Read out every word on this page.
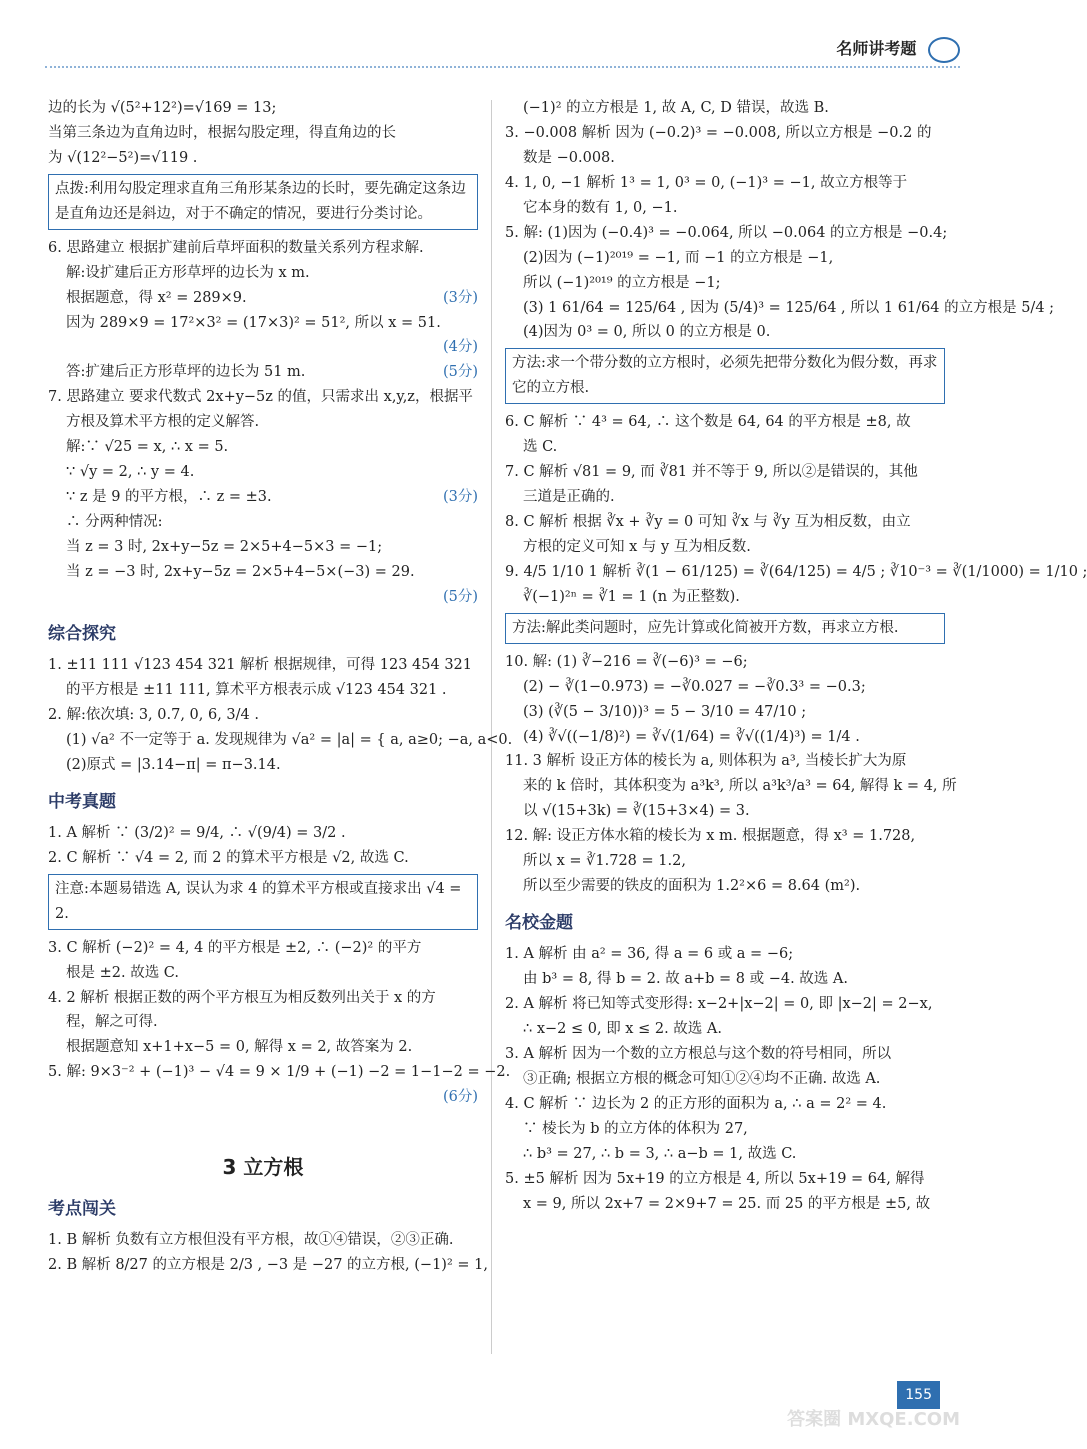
名师讲考题
边的长为 √(5²+12²)=√169 = 13;
当第三条边为直角边时，根据勾股定理，得直角边的长
为 √(12²−5²)=√119 .
点拨:利用勾股定理求直角三角形某条边的长时，要先确定这条边是直角边还是斜边，对于不确定的情况，要进行分类讨论。
6. 思路建立 根据扩建前后草坪面积的数量关系列方程求解.
解:设扩建后正方形草坪的边长为 x m.
根据题意，得 x² = 289×9.	(3分)
因为 289×9 = 17²×3² = (17×3)² = 51², 所以 x = 51.
(4分)

答:扩建后正方形草坪的边长为 51 m.	(5分)
7. 思路建立 要求代数式 2x+y−5z 的值，只需求出 x,y,z，根据平
方根及算术平方根的定义解答.
解:∵ √25 = x, ∴ x = 5.
∵ √y = 2, ∴ y = 4.
∵ z 是 9 的平方根，∴ z = ±3.	(3分)
∴ 分两种情况:
当 z = 3 时, 2x+y−5z = 2×5+4−5×3 = −1;
当 z = −3 时, 2x+y−5z = 2×5+4−5×(−3) = 29.
(5分)

综合探究
1. ±11 111 √123 454 321 解析 根据规律，可得 123 454 321
的平方根是 ±11 111, 算术平方根表示成 √123 454 321 .
2. 解:依次填: 3, 0.7, 0, 6, 3/4 .
(1) √a² 不一定等于 a. 发现规律为 √a² = |a| = { a, a≥0; −a, a<0.
(2)原式 = |3.14−π| = π−3.14.
中考真题
1. A 解析 ∵ (3/2)² = 9/4, ∴ √(9/4) = 3/2 .
2. C 解析 ∵ √4 = 2, 而 2 的算术平方根是 √2, 故选 C.
注意:本题易错选 A, 误认为求 4 的算术平方根或直接求出 √4 = 2.
3. C 解析 (−2)² = 4, 4 的平方根是 ±2, ∴ (−2)² 的平方
根是 ±2. 故选 C.
4. 2 解析 根据正数的两个平方根互为相反数列出关于 x 的方
程，解之可得.
根据题意知 x+1+x−5 = 0, 解得 x = 2, 故答案为 2.
5. 解: 9×3⁻² + (−1)³ − √4 = 9 × 1/9 + (−1) −2 = 1−1−2 = −2.
(6分)

3 立方根
考点闯关
1. B 解析 负数有立方根但没有平方根，故①④错误，②③正确.
2. B 解析 8/27 的立方根是 2/3 , −3 是 −27 的立方根, (−1)² = 1,
(−1)² 的立方根是 1, 故 A, C, D 错误，故选 B.
3. −0.008 解析 因为 (−0.2)³ = −0.008, 所以立方根是 −0.2 的
数是 −0.008.
4. 1, 0, −1 解析 1³ = 1, 0³ = 0, (−1)³ = −1, 故立方根等于
它本身的数有 1, 0, −1.
5. 解: (1)因为 (−0.4)³ = −0.064, 所以 −0.064 的立方根是 −0.4;
(2)因为 (−1)²⁰¹⁹ = −1, 而 −1 的立方根是 −1,
所以 (−1)²⁰¹⁹ 的立方根是 −1;
(3) 1 61/64 = 125/64 , 因为 (5/4)³ = 125/64 , 所以 1 61/64 的立方根是 5/4 ;
(4)因为 0³ = 0, 所以 0 的立方根是 0.
方法:求一个带分数的立方根时，必须先把带分数化为假分数，再求它的立方根.
6. C 解析 ∵ 4³ = 64, ∴ 这个数是 64, 64 的平方根是 ±8, 故
选 C.
7. C 解析 √81 = 9, 而 ∛81 并不等于 9, 所以②是错误的，其他
三道是正确的.
8. C 解析 根据 ∛x + ∛y = 0 可知 ∛x 与 ∛y 互为相反数，由立
方根的定义可知 x 与 y 互为相反数.
9. 4/5 1/10 1 解析 ∛(1 − 61/125) = ∛(64/125) = 4/5 ; ∛10⁻³ = ∛(1/1000) = 1/10 ;
∛(−1)²ⁿ = ∛1 = 1 (n 为正整数).
方法:解此类问题时，应先计算或化简被开方数，再求立方根.
10. 解: (1) ∛−216 = ∛(−6)³ = −6;
(2) − ∛(1−0.973) = −∛0.027 = −∛0.3³ = −0.3;
(3) (∛(5 − 3/10))³ = 5 − 3/10 = 47/10 ;
(4) ∛√((−1/8)²) = ∛√(1/64) = ∛√((1/4)³) = 1/4 .
11. 3 解析 设正方体的棱长为 a, 则体积为 a³, 当棱长扩大为原
来的 k 倍时，其体积变为 a³k³, 所以 a³k³/a³ = 64, 解得 k = 4, 所
以 √(15+3k) = ∛(15+3×4) = 3.
12. 解: 设正方体水箱的棱长为 x m. 根据题意，得 x³ = 1.728,
所以 x = ∛1.728 = 1.2,
所以至少需要的铁皮的面积为 1.2²×6 = 8.64 (m²).
名校金题
1. A 解析 由 a² = 36, 得 a = 6 或 a = −6;
由 b³ = 8, 得 b = 2. 故 a+b = 8 或 −4. 故选 A.
2. A 解析 将已知等式变形得: x−2+|x−2| = 0, 即 |x−2| = 2−x,
∴ x−2 ≤ 0, 即 x ≤ 2. 故选 A.
3. A 解析 因为一个数的立方根总与这个数的符号相同，所以
③正确; 根据立方根的概念可知①②④均不正确. 故选 A.
4. C 解析 ∵ 边长为 2 的正方形的面积为 a, ∴ a = 2² = 4.
∵ 棱长为 b 的立方体的体积为 27,
∴ b³ = 27, ∴ b = 3, ∴ a−b = 1, 故选 C.
5. ±5 解析 因为 5x+19 的立方根是 4, 所以 5x+19 = 64, 解得
x = 9, 所以 2x+7 = 2×9+7 = 25. 而 25 的平方根是 ±5, 故
155
答案圈 MXQE.COM
